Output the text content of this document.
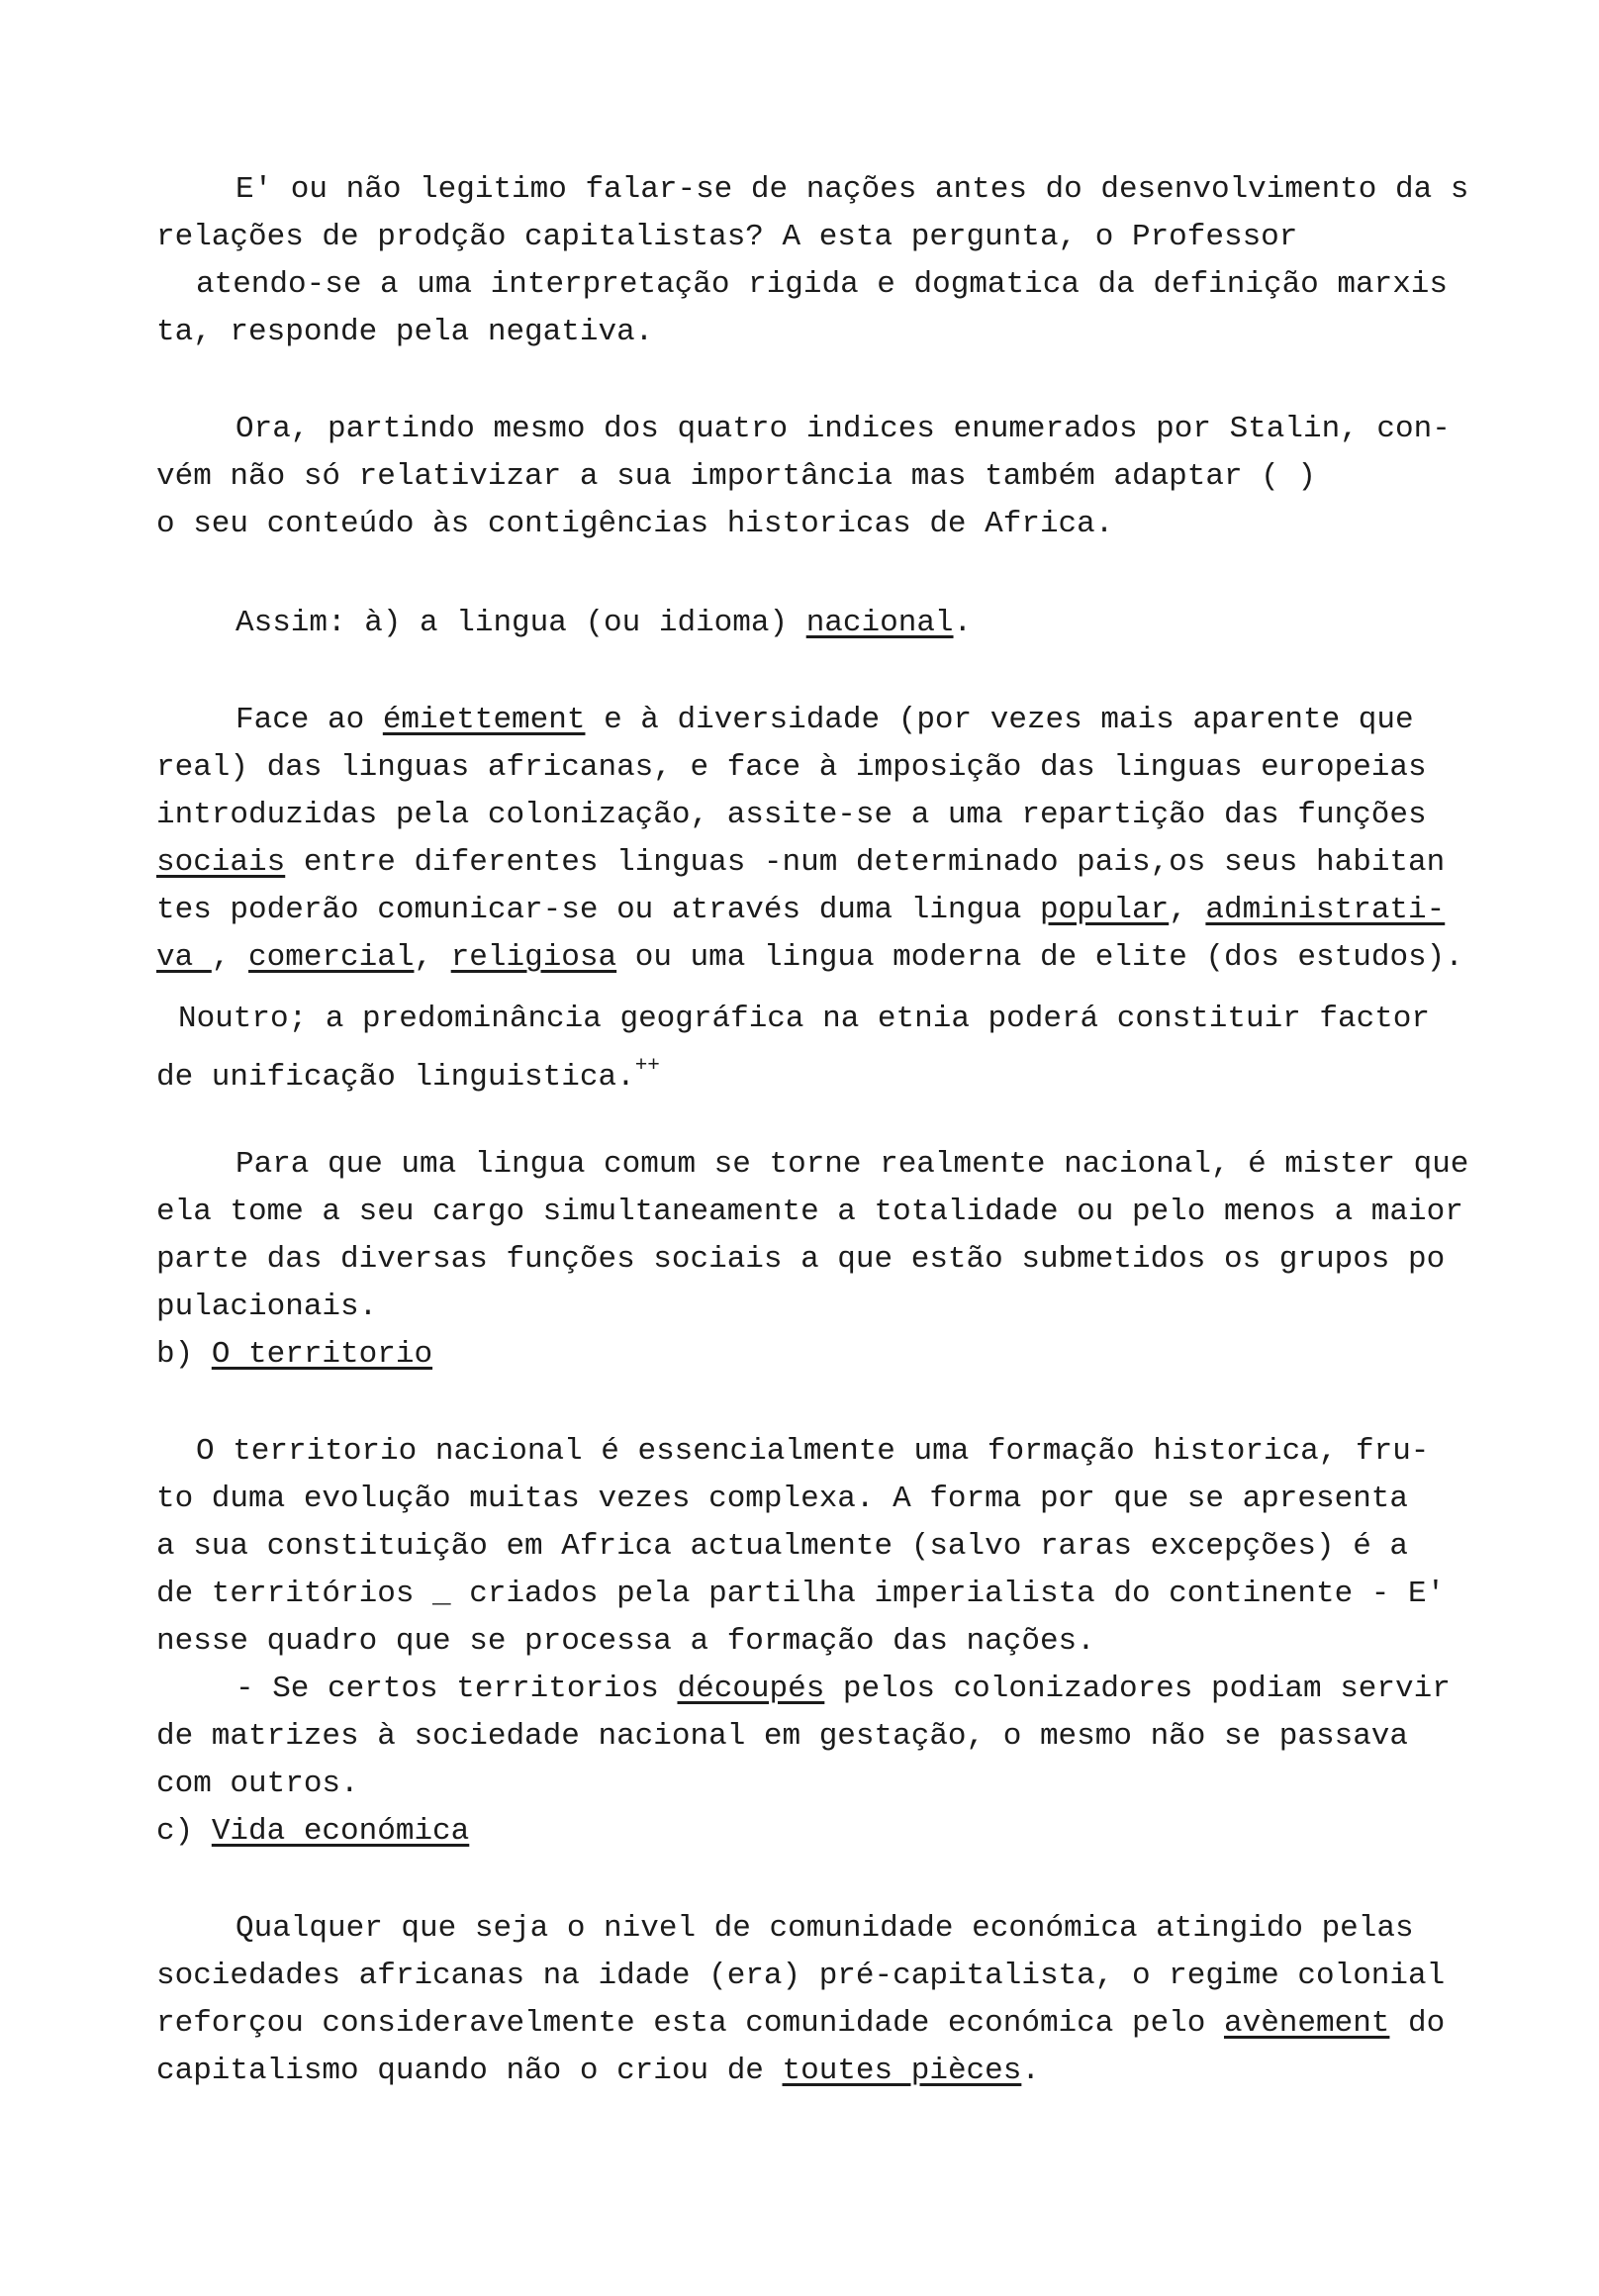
E' ou não legitimo falar-se de nações antes do desenvolvimento da s
relações de prodção capitalistas? A esta pergunta, o Professor
atendo-se a uma interpretação rigida e dogmatica da definição marxis
ta, responde pela negativa.

Ora, partindo mesmo dos quatro indices enumerados por Stalin, con-
vém não só relativizar a sua importância mas também adaptar ( )
o seu conteúdo às contigências historicas de Africa.

Assim: à) a lingua (ou idioma) nacional.

Face ao émiettement e à diversidade (por vezes mais aparente que
real) das linguas africanas, e face à imposição das linguas europeias
introduzidas pela colonização, assite-se a uma repartição das funções
sociais entre diferentes linguas -num determinado pais,os seus habitan
tes poderão comunicar-se ou através duma lingua popular, administrati-
va , comercial, religiosa ou uma lingua moderna de elite (dos estudos).

Noutro; a predominância geográfica na etnia poderá constituir factor
de unificação linguistica.++

Para que uma lingua comum se torne realmente nacional, é mister que
ela tome a seu cargo simultaneamente a totalidade ou pelo menos a maior
parte das diversas funções sociais a que estão submetidos os grupos po
pulacionais.

b) O territorio

O territorio nacional é essencialmente uma formação historica, fru-
to duma evolução muitas vezes complexa. A forma por que se apresenta
a sua constituição em Africa actualmente (salvo raras excepções) é a
de territórios _ criados pela partilha imperialista do continente - E'
nesse quadro que se processa a formação das nações.

- Se certos territorios découpés pelos colonizadores podiam servir
de matrizes à sociedade nacional em gestação, o mesmo não se passava
com outros.

c) Vida económica

Qualquer que seja o nivel de comunidade económica atingido pelas
sociedades africanas na idade (era) pré-capitalista, o regime colonial
reforçou consideravelmente esta comunidade económica pelo avènement do
capitalismo quando não o criou de toutes pièces.
